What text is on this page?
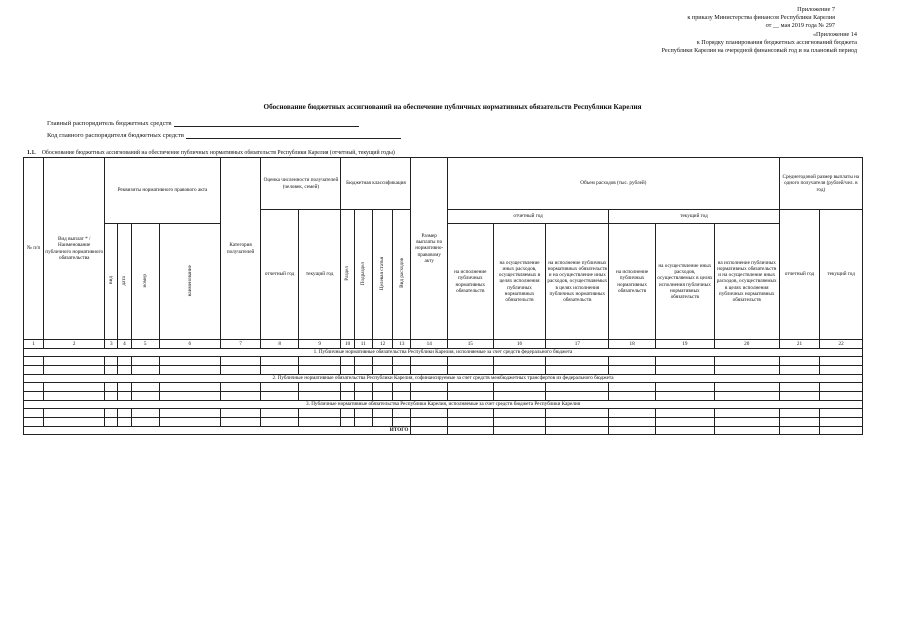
Приложение 7
к приказу Министерства финансов Республики Карелия
от __ мая 2019 года № 297
«Приложение 14
к Порядку планирования бюджетных ассигнований бюджета
Республики Карелия на очередной финансовый год и на плановый период
Обоснование бюджетных ассигнований на обеспечение публичных нормативных обязательств Республики Карелия
Главный распорядитель бюджетных средств
Код главного распорядителя бюджетных средств
1.1. Обоснование бюджетных ассигнований на обеспечение публичных нормативных обязательств Республики Карелия (отчетный, текущий годы)
№ п/п	Вид выплат * / Наименование публичного нормативного обязательства	Реквизиты нормативного правового акта				Категория получателей	Оценка численности получателей (человек, семей)		Бюджетная классификация				Размер выплаты по нормативно-правовому акту	Объем расходов (тыс. рублей)						Среднегодовой размер выплаты на одного получателя (рублей/чел. в год)	
							отчетный год	текущий год	Раздел	Подраздел	Целевая статья	Вид расходов		отчетный год			текущий год			отчетный год	текущий год
		вид	дата	номер	наименование									на исполнение публичных нормативных обязательств	на осуществление иных расходов, осуществляемых в целях исполнения публичных нормативных обязательств	на исполнение публичных нормативных обязательств и на осуществление иных расходов, осуществляемых в целях исполнения публичных нормативных обязательств	на исполнение публичных нормативных обязательств	на осуществление иных расходов, осуществляемых в целях исполнения публичных нормативных обязательств	на исполнение публичных нормативных обязательств и на осуществление иных расходов, осуществляемых в целях исполнения публичных нормативных обязательств		
1	2	3	4	5	6	7	8	9	10	11	12	13	14	15	16	17	18	19	20	21	22
1. Публичные нормативные обязательства Республики Карелия, исполняемые за счет средств федерального бюджета																					

2. Публичные нормативные обязательства Республики Карелия, софинансируемые за счет средств межбюджетных трансфертов из федерального бюджета																					

3. Публичные нормативные обязательства Республики Карелия, исполняемые за счет средств бюджета Республики Карелия																					

ИТОГО																					
